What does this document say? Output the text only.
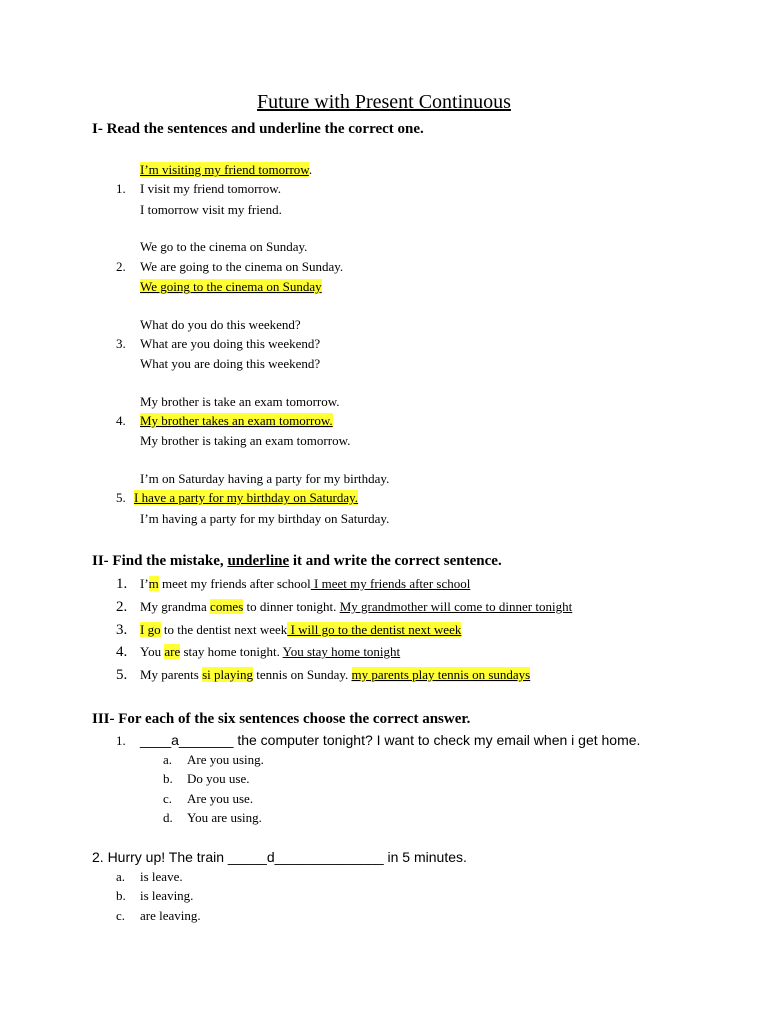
Future with Present Continuous
I- Read the sentences and underline the correct one.
I’m visiting my friend tomorrow.
1. I visit my friend tomorrow.
I tomorrow visit my friend.
We go to the cinema on Sunday.
2. We are going to the cinema on Sunday.
We going to the cinema on Sunday
What do you do this weekend?
3. What are you doing this weekend?
What you are doing this weekend?
My brother is take an exam tomorrow.
4. My brother takes an exam tomorrow.
My brother is taking an exam tomorrow.
I’m on Saturday having a party for my birthday.
5. I have a party for my birthday on Saturday.
I’m having a party for my birthday on Saturday.
II- Find the mistake, underline it and write the correct sentence.
1. I’m meet my friends after school I meet my friends after school
2. My grandma comes to dinner tonight. My grandmother will come to dinner tonight
3. I go to the dentist next week I will go to the dentist next week
4. You are stay home tonight. You stay home tonight
5. My parents si playing tennis on Sunday. my parents play tennis on sundays
III- For each of the six sentences choose the correct answer.
1. ____a_______ the computer tonight? I want to check my email when i get home.
a. Are you using.
b. Do you use.
c. Are you use.
d. You are using.
2. Hurry up! The train _____d______________ in 5 minutes.
a. is leave.
b. is leaving.
c. are leaving.
